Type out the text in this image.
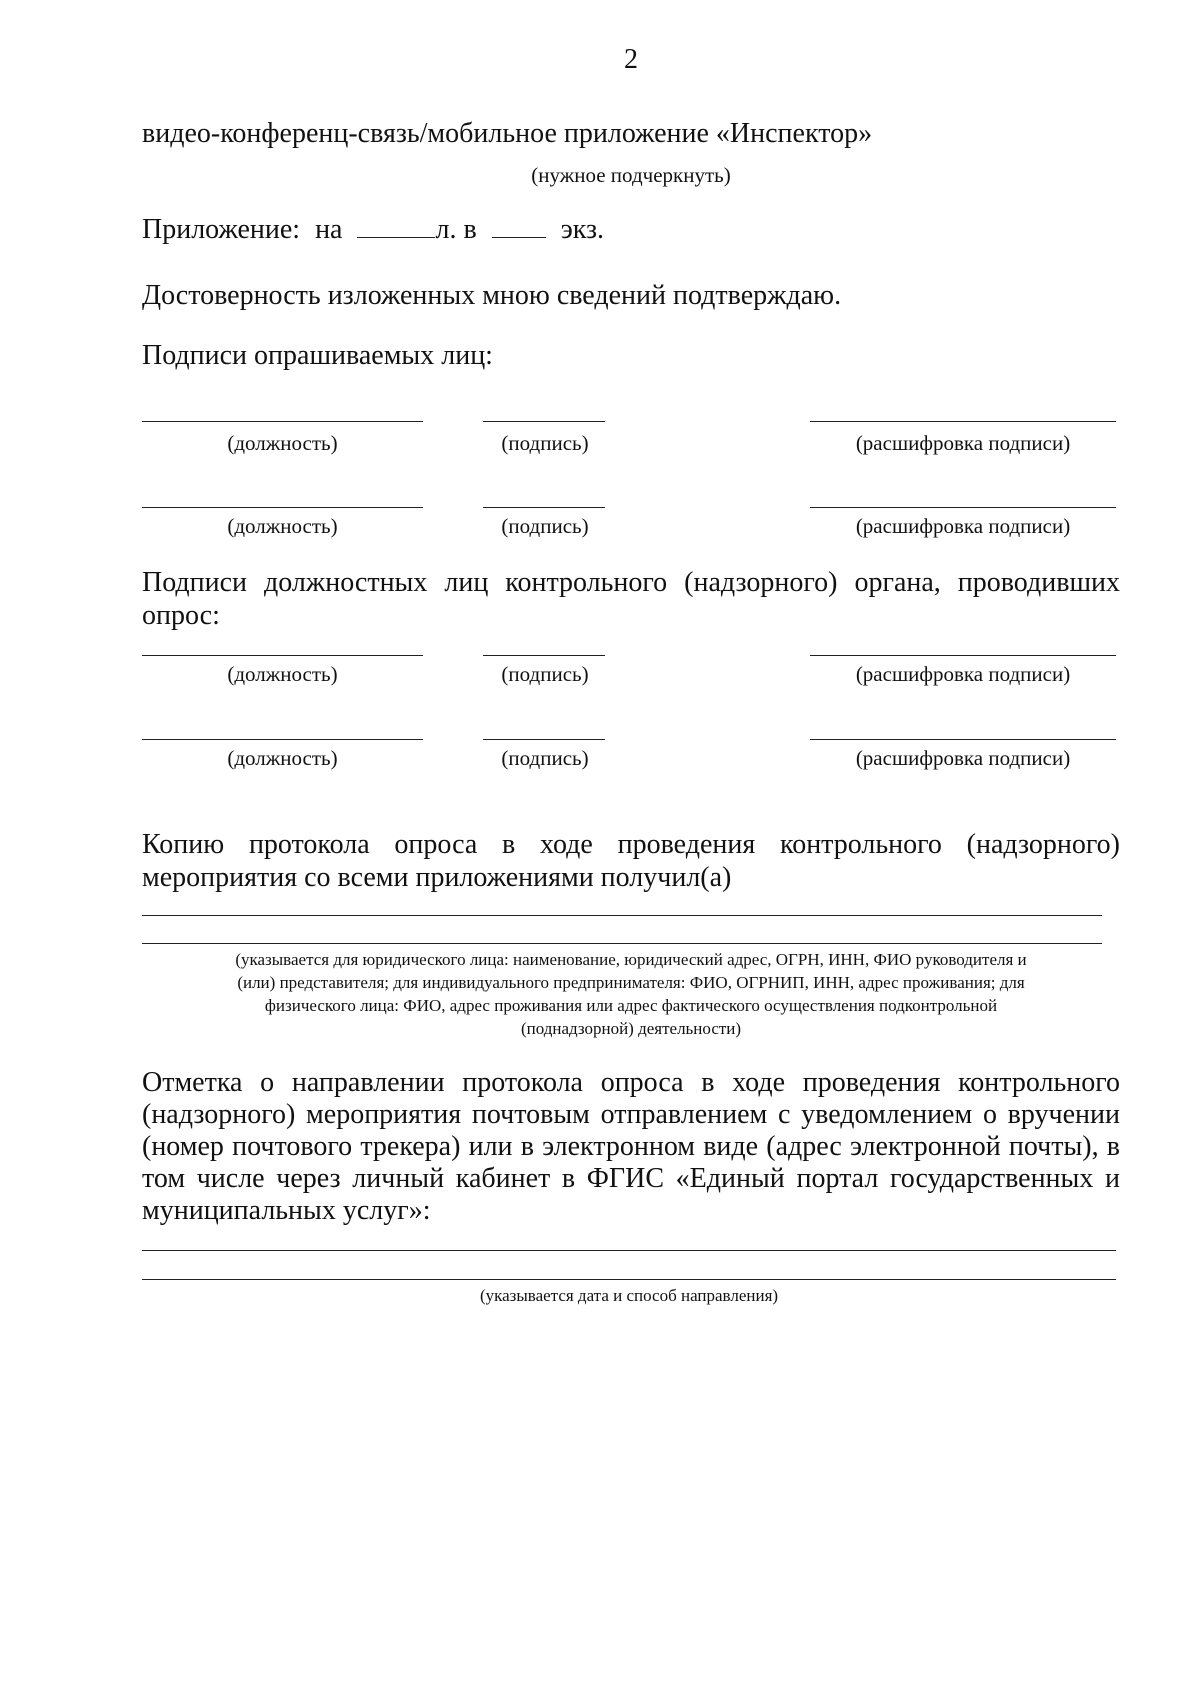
2
видео-конференц-связь/мобильное приложение «Инспектор»
(нужное подчеркнуть)
Приложение: на	л. в	экз.
Достоверность изложенных мною сведений подтверждаю.
Подписи опрашиваемых лиц:
(должность)	(подпись)	(расшифровка подписи)
(должность)	(подпись)	(расшифровка подписи)
Подписи должностных лиц контрольного (надзорного) органа, проводивших
опрос:
(должность)	(подпись)	(расшифровка подписи)
(должность)	(подпись)	(расшифровка подписи)
Копию протокола опроса в ходе проведения контрольного (надзорного)
мероприятия со всеми приложениями получил(а)
(указывается для юридического лица: наименование, юридический адрес, ОГРН, ИНН, ФИО руководителя и
(или) представителя; для индивидуального предпринимателя: ФИО, ОГРНИП, ИНН, адрес проживания; для
физического лица: ФИО, адрес проживания или адрес фактического осуществления подконтрольной
(поднадзорной) деятельности)
Отметка о направлении протокола опроса в ходе проведения контрольного
(надзорного) мероприятия почтовым отправлением с уведомлением о вручении
(номер почтового трекера) или в электронном виде (адрес электронной почты), в
том числе через личный кабинет в ФГИС «Единый портал государственных и
муниципальных услуг»:
(указывается дата и способ направления)
